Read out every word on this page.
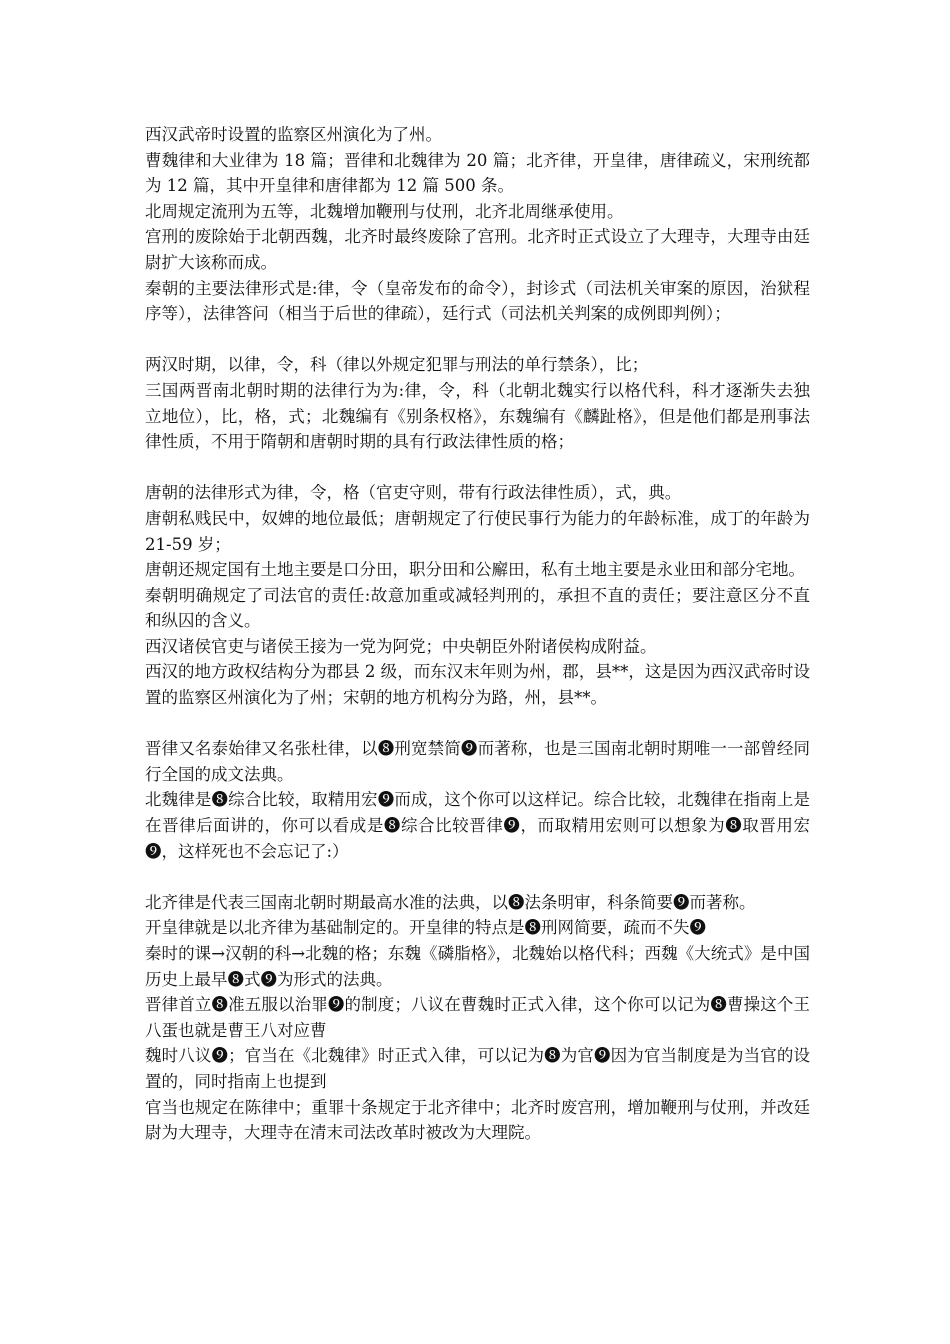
西汉武帝时设置的监察区州演化为了州。

曹魏律和大业律为 18 篇；晋律和北魏律为 20 篇；北齐律，开皇律，唐律疏义，宋刑统都为 12 篇，其中开皇律和唐律都为 12 篇 500 条。

北周规定流刑为五等，北魏增加鞭刑与仗刑，北齐北周继承使用。

宫刑的废除始于北朝西魏，北齐时最终废除了宫刑。北齐时正式设立了大理寺，大理寺由廷尉扩大该称而成。

秦朝的主要法律形式是:律，令（皇帝发布的命令），封诊式（司法机关审案的原因，治狱程序等），法律答问（相当于后世的律疏），廷行式（司法机关判案的成例即判例）；

两汉时期，以律，令，科（律以外规定犯罪与刑法的单行禁条），比；

三国两晋南北朝时期的法律行为为:律，令，科（北朝北魏实行以格代科，科才逐渐失去独立地位），比，格，式；北魏编有《别条权格》，东魏编有《麟趾格》，但是他们都是刑事法律性质，不用于隋朝和唐朝时期的具有行政法律性质的格；

唐朝的法律形式为律，令，格（官吏守则，带有行政法律性质），式，典。

唐朝私贱民中，奴婢的地位最低；唐朝规定了行使民事行为能力的年龄标准，成丁的年龄为 21-59 岁；

唐朝还规定国有土地主要是口分田，职分田和公廨田，私有土地主要是永业田和部分宅地。

秦朝明确规定了司法官的责任:故意加重或减轻判刑的，承担不直的责任；要注意区分不直和纵囚的含义。

西汉诸侯官吏与诸侯王接为一党为阿党；中央朝臣外附诸侯构成附益。

西汉的地方政权结构分为郡县 2 级，而东汉末年则为州，郡，县**，这是因为西汉武帝时设置的监察区州演化为了州；宋朝的地方机构分为路，州，县**。

晋律又名泰始律又名张杜律，以❽刑宽禁简❾而著称，也是三国南北朝时期唯一一部曾经同行全国的成文法典。

北魏律是❽综合比较，取精用宏❾而成，这个你可以这样记。综合比较，北魏律在指南上是在晋律后面讲的，你可以看成是❽综合比较晋律❾，而取精用宏则可以想象为❽取晋用宏❾，这样死也不会忘记了:）

北齐律是代表三国南北朝时期最高水准的法典，以❽法条明审，科条简要❾而著称。

开皇律就是以北齐律为基础制定的。开皇律的特点是❽刑网简要，疏而不失❾

秦时的课→汉朝的科→北魏的格；东魏《磷脂格》，北魏始以格代科；西魏《大统式》是中国历史上最早❽式❾为形式的法典。

晋律首立❽准五服以治罪❾的制度；八议在曹魏时正式入律，这个你可以记为❽曹操这个王八蛋也就是曹王八对应曹

魏时八议❾；官当在《北魏律》时正式入律，可以记为❽为官❾因为官当制度是为当官的设置的，同时指南上也提到

官当也规定在陈律中；重罪十条规定于北齐律中；北齐时废宫刑，增加鞭刑与仗刑，并改廷尉为大理寺，大理寺在清末司法改革时被改为大理院。
